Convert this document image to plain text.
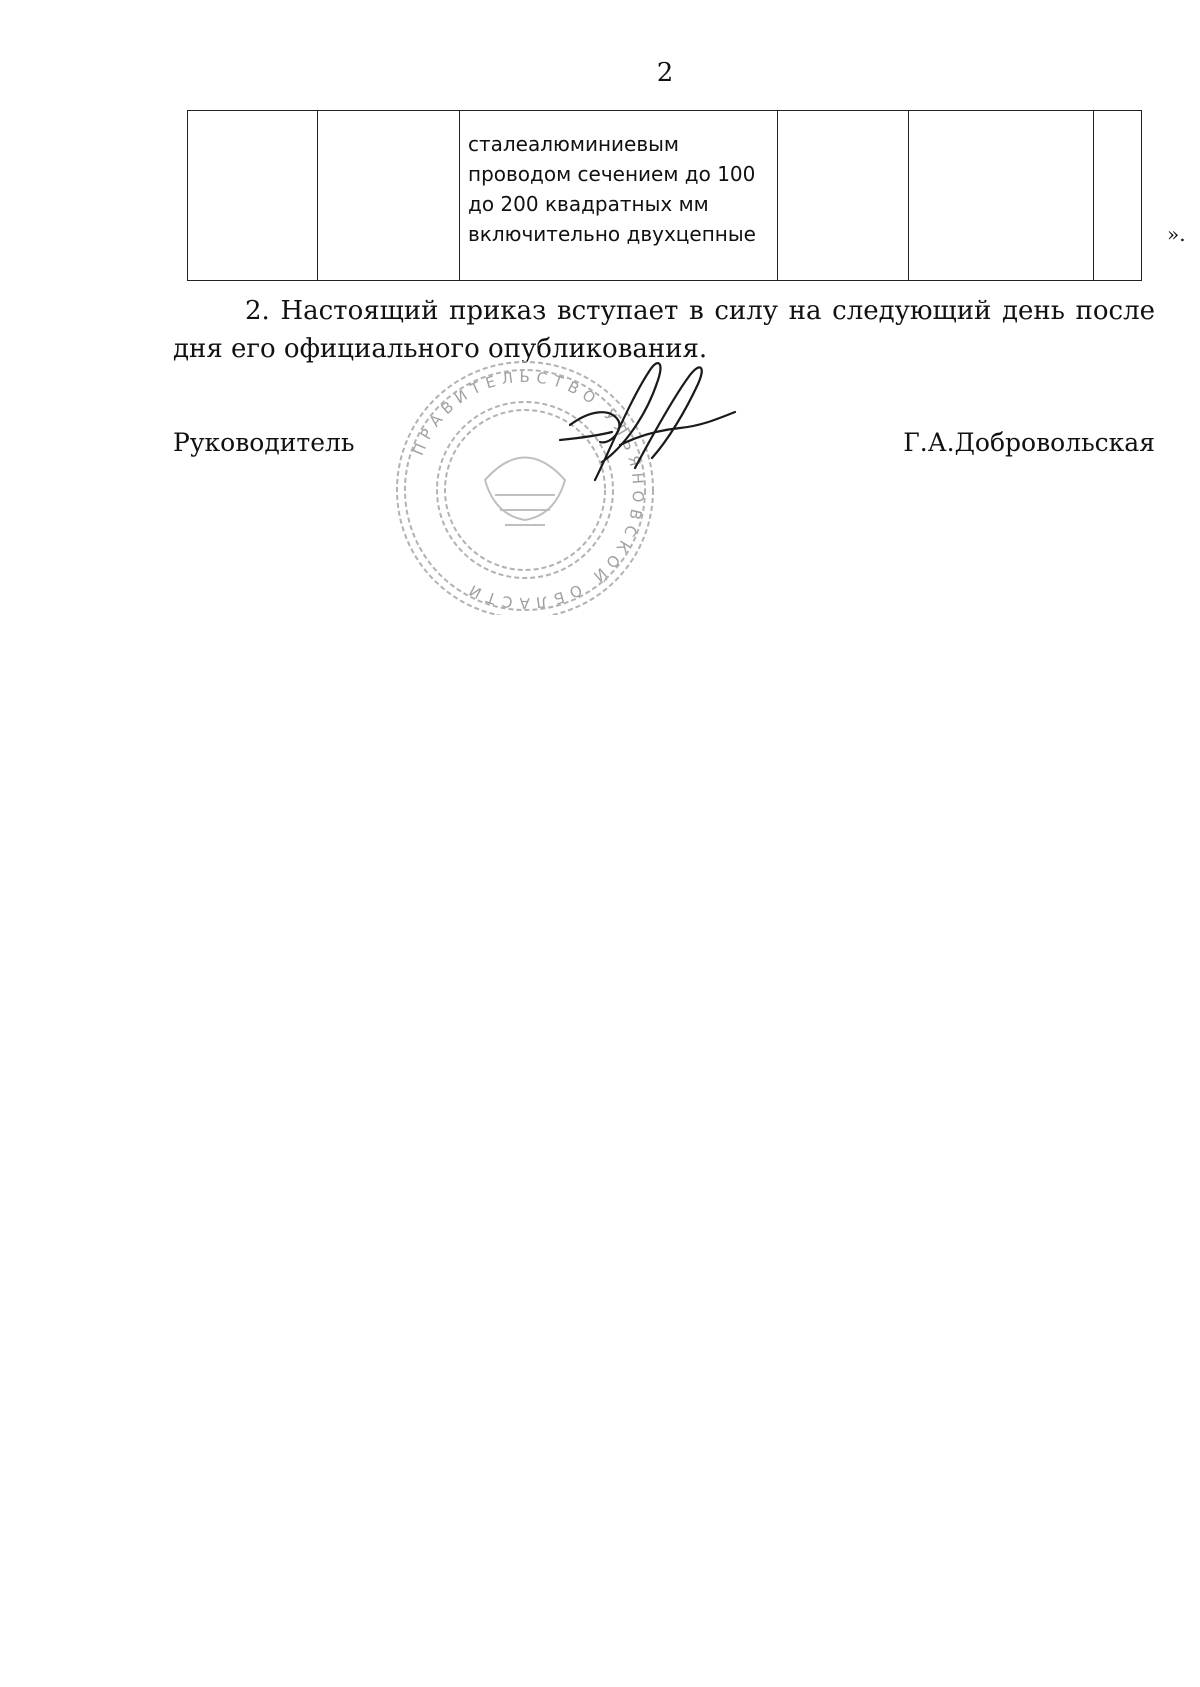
2
		сталеалюминиевым проводом сечением до 100 до 200 квадратных мм включительно двухцепные				».

2. Настоящий приказ вступает в силу на следующий день после дня его официального опубликования.

Руководитель	ПРАВИТЕЛЬСТВО УЛЬЯНОВСКОЙ ОБЛАСТИ
Г.А.Добровольская
